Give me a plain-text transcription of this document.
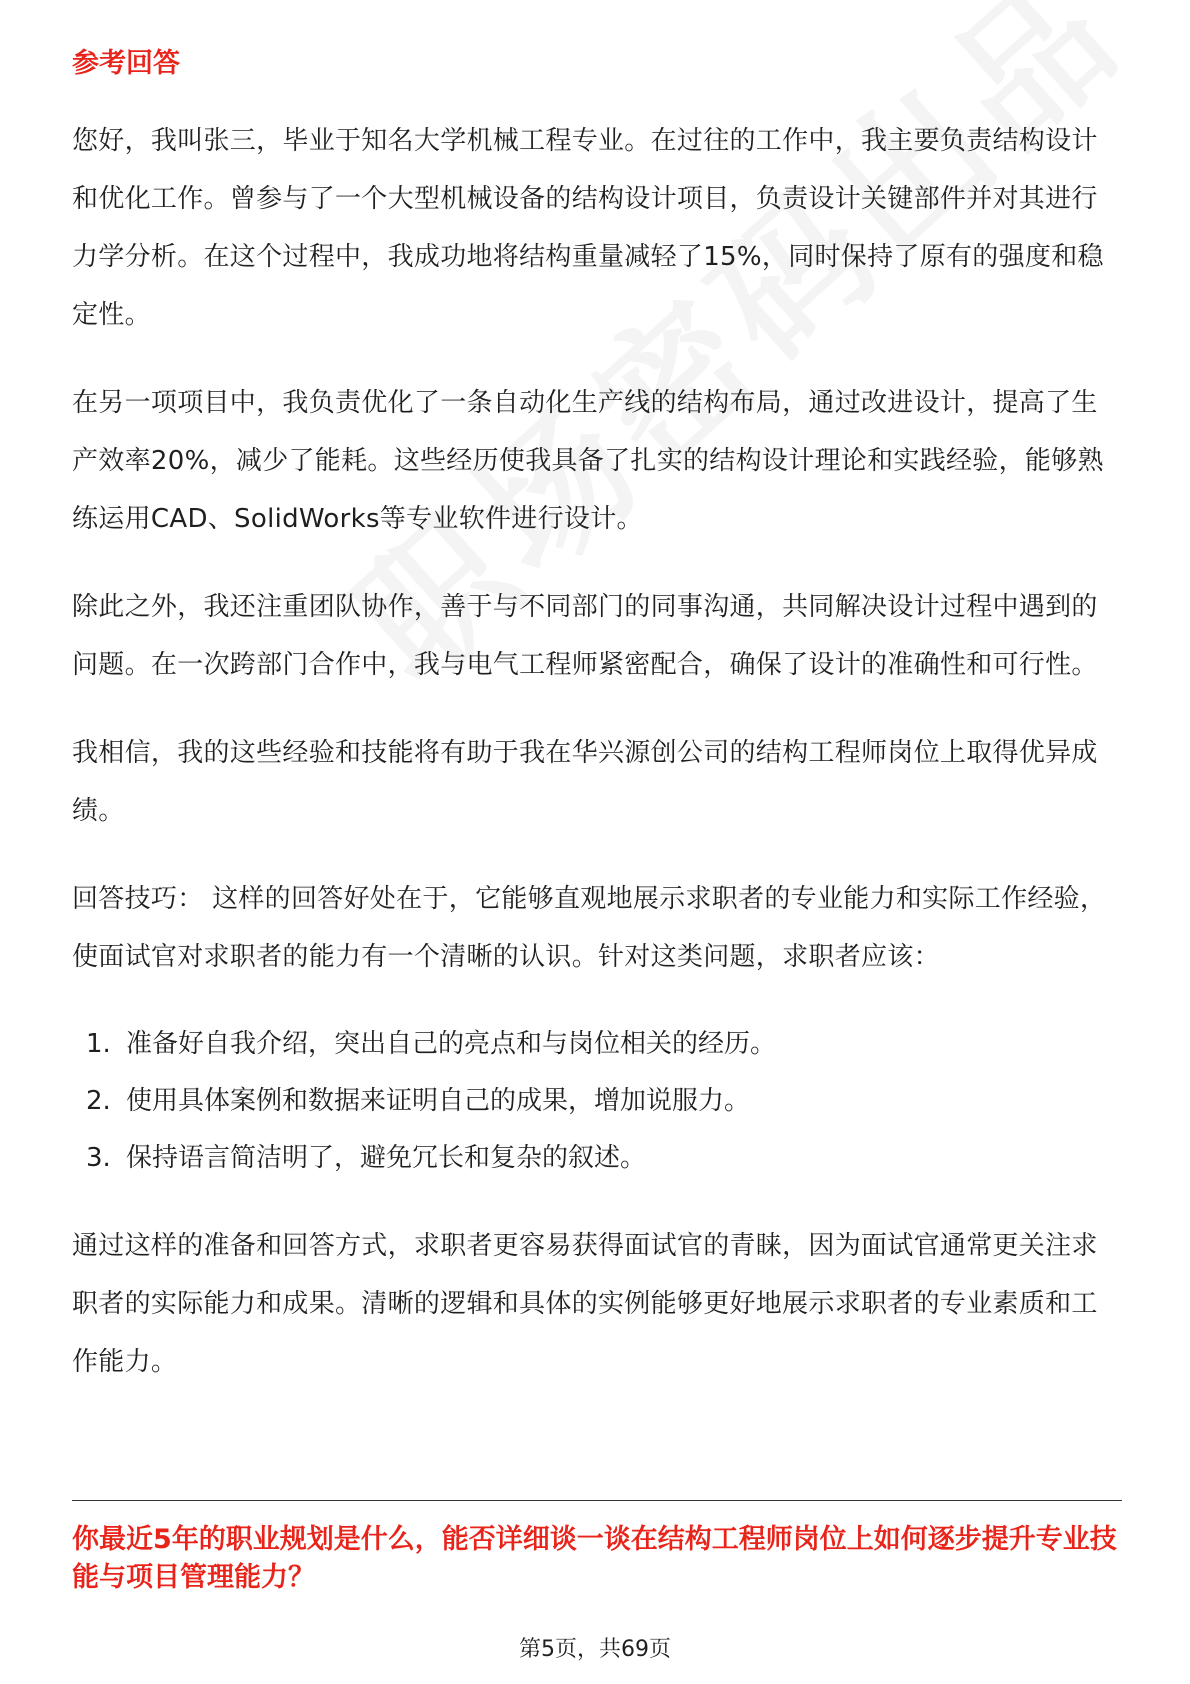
参考回答

您好，我叫张三，毕业于知名大学机械工程专业。在过往的工作中，我主要负责结构设计和优化工作。曾参与了一个大型机械设备的结构设计项目，负责设计关键部件并对其进行力学分析。在这个过程中，我成功地将结构重量减轻了15%，同时保持了原有的强度和稳定性。

在另一项项目中，我负责优化了一条自动化生产线的结构布局，通过改进设计，提高了生产效率20%，减少了能耗。这些经历使我具备了扎实的结构设计理论和实践经验，能够熟练运用CAD、SolidWorks等专业软件进行设计。

除此之外，我还注重团队协作，善于与不同部门的同事沟通，共同解决设计过程中遇到的问题。在一次跨部门合作中，我与电气工程师紧密配合，确保了设计的准确性和可行性。

我相信，我的这些经验和技能将有助于我在华兴源创公司的结构工程师岗位上取得优异成绩。

回答技巧： 这样的回答好处在于，它能够直观地展示求职者的专业能力和实际工作经验，使面试官对求职者的能力有一个清晰的认识。针对这类问题，求职者应该：

1. 准备好自我介绍，突出自己的亮点和与岗位相关的经历。
2. 使用具体案例和数据来证明自己的成果，增加说服力。
3. 保持语言简洁明了，避免冗长和复杂的叙述。

通过这样的准备和回答方式，求职者更容易获得面试官的青睐，因为面试官通常更关注求职者的实际能力和成果。清晰的逻辑和具体的实例能够更好地展示求职者的专业素质和工作能力。

你最近5年的职业规划是什么，能否详细谈一谈在结构工程师岗位上如何逐步提升专业技能与项目管理能力？
第5页，共69页
